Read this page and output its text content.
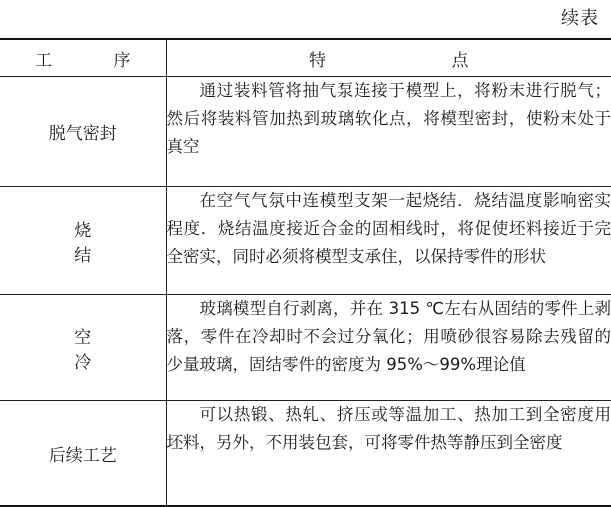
续表
工 序	特 点
脱气密封	通过装料管将抽气泵连接于模型上，将粉末进行脱气；然后将装料管加热到玻璃软化点，将模型密封，使粉末处于真空
烧 结	在空气气氛中连模型支架一起烧结．烧结温度影响密实程度．烧结温度接近合金的固相线时，将促使坯料接近于完全密实，同时必须将模型支承住，以保持零件的形状
空 冷	玻璃模型自行剥离，并在 315 ℃左右从固结的零件上剥落，零件在冷却时不会过分氧化；用喷砂很容易除去残留的少量玻璃，固结零件的密度为 95%～99%理论值
后续工艺	可以热锻、热轧、挤压或等温加工、热加工到全密度用坯料，另外，不用装包套，可将零件热等静压到全密度
